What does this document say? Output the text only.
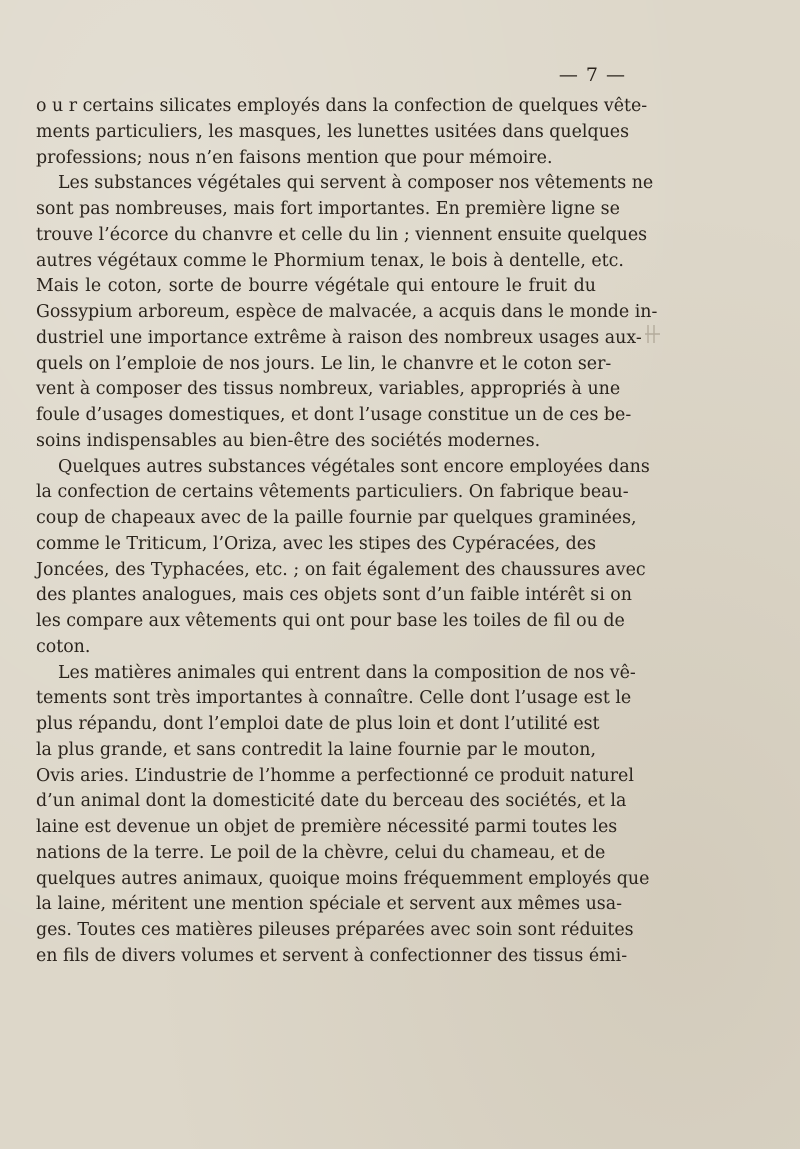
— 7 —
o u r certains silicates employés dans la confection de quelques vête-
ments particuliers, les masques, les lunettes usitées dans quelques
professions; nous n’en faisons mention que pour mémoire.
Les substances végétales qui servent à composer nos vêtements ne
sont pas nombreuses, mais fort importantes. En première ligne se
trouve l’écorce du chanvre et celle du lin ; viennent ensuite quelques
autres végétaux comme le Phormium tenax, le bois à dentelle, etc.
Mais le coton, sorte de bourre végétale qui entoure le fruit du
Gossypium arboreum, espèce de malvacée, a acquis dans le monde in-
dustriel une importance extrême à raison des nombreux usages aux-
quels on l’emploie de nos jours. Le lin, le chanvre et le coton ser-
vent à composer des tissus nombreux, variables, appropriés à une
foule d’usages domestiques, et dont l’usage constitue un de ces be-
soins indispensables au bien-être des sociétés modernes.
Quelques autres substances végétales sont encore employées dans
la confection de certains vêtements particuliers. On fabrique beau-
coup de chapeaux avec de la paille fournie par quelques graminées,
comme le Triticum, l’Oriza, avec les stipes des Cypéracées, des
Joncées, des Typhacées, etc. ; on fait également des chaussures avec
des plantes analogues, mais ces objets sont d’un faible intérêt si on
les compare aux vêtements qui ont pour base les toiles de fil ou de
coton.
Les matières animales qui entrent dans la composition de nos vê-
tements sont très importantes à connaître. Celle dont l’usage est le
plus répandu, dont l’emploi date de plus loin et dont l’utilité est
la plus grande, et sans contredit la laine fournie par le mouton,
Ovis aries. L’industrie de l’homme a perfectionné ce produit naturel
d’un animal dont la domesticité date du berceau des sociétés, et la
laine est devenue un objet de première nécessité parmi toutes les
nations de la terre. Le poil de la chèvre, celui du chameau, et de
quelques autres animaux, quoique moins fréquemment employés que
la laine, méritent une mention spéciale et servent aux mêmes usa-
ges. Toutes ces matières pileuses préparées avec soin sont réduites
en fils de divers volumes et servent à confectionner des tissus émi-
